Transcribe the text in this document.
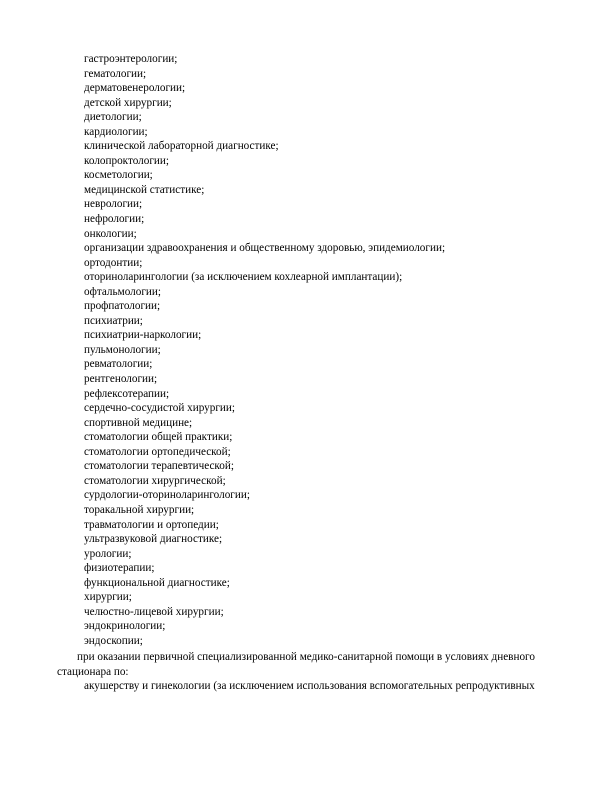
гастроэнтерологии;
гематологии;
дерматовенерологии;
детской хирургии;
диетологии;
кардиологии;
клинической лабораторной диагностике;
колопроктологии;
косметологии;
медицинской статистике;
неврологии;
нефрологии;
онкологии;
организации здравоохранения и общественному здоровью, эпидемиологии;
ортодонтии;
оториноларингологии (за исключением кохлеарной имплантации);
офтальмологии;
профпатологии;
психиатрии;
психиатрии-наркологии;
пульмонологии;
ревматологии;
рентгенологии;
рефлексотерапии;
сердечно-сосудистой хирургии;
спортивной медицине;
стоматологии общей практики;
стоматологии ортопедической;
стоматологии терапевтической;
стоматологии хирургической;
сурдологии-оториноларингологии;
торакальной хирургии;
травматологии и ортопедии;
ультразвуковой диагностике;
урологии;
физиотерапии;
функциональной диагностике;
хирургии;
челюстно-лицевой хирургии;
эндокринологии;
эндоскопии;

при оказании первичной специализированной медико-санитарной помощи в условиях дневного стационара по:

акушерству и гинекологии (за исключением использования вспомогательных репродуктивных
